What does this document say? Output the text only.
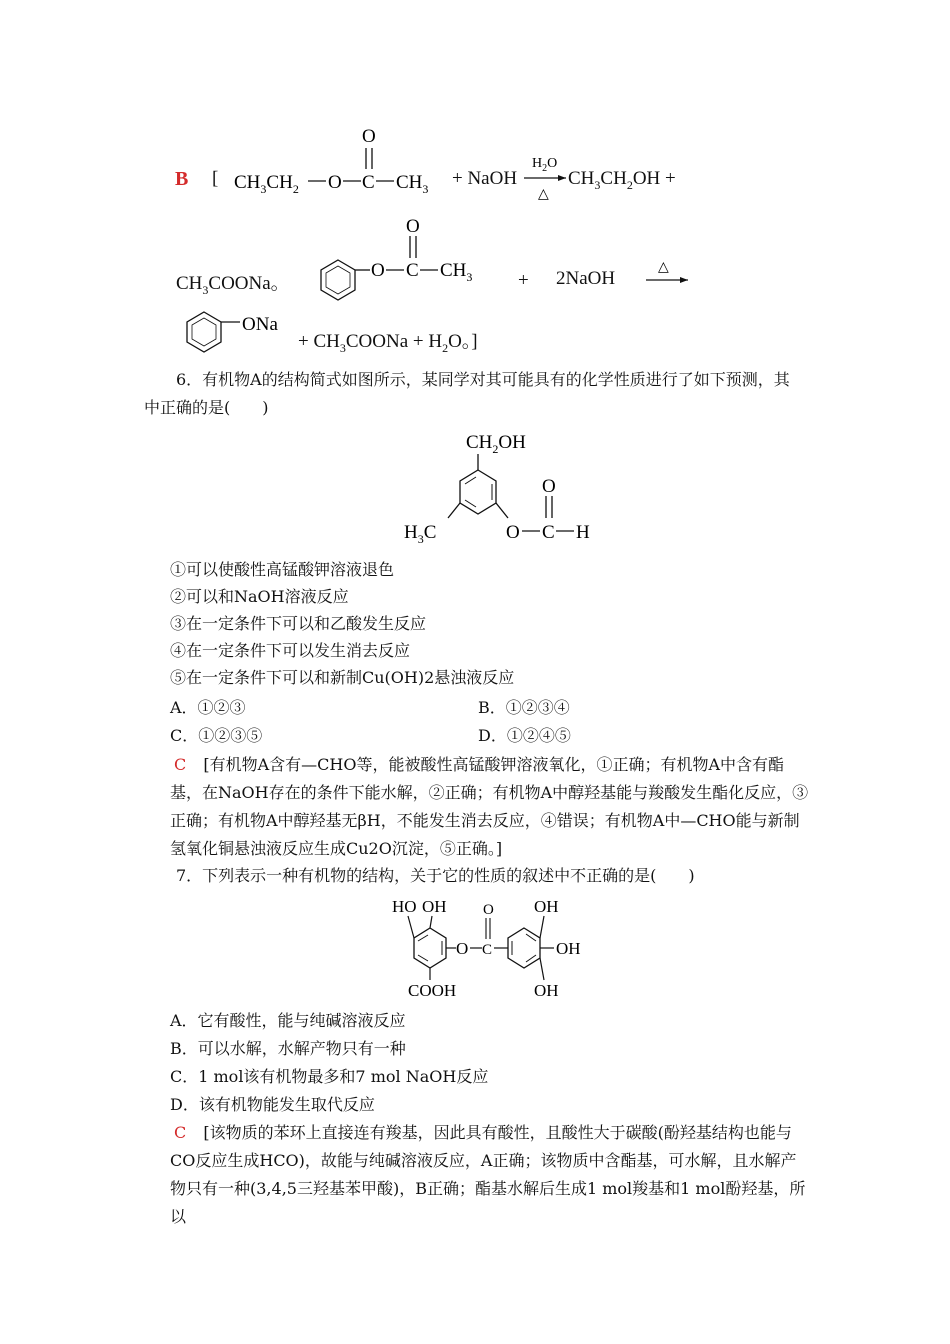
B [ $CH_3CH_2$ O C $CH_3$
O
+ NaOH
$H_2O$
△
$CH_3CH_2OH$ +
$CH_3COONa$。
O C $CH_3$
O
+ 2NaOH
△
ONa
+ $CH_3COONa + H_2O$。]
6．有机物A的结构简式如图所示，某同学对其可能具有的化学性质进行了如下预测，其
中正确的是(　　)
$CH_2OH$
$H_3C$	O C H
O
①可以使酸性高锰酸钾溶液退色
②可以和NaOH溶液反应
③在一定条件下可以和乙酸发生反应
④在一定条件下可以发生消去反应
⑤在一定条件下可以和新制Cu(OH)2悬浊液反应
A．①②③	B．①②③④
C．①②③⑤	D．①②④⑤
C [有机物A含有—CHO等，能被酸性高锰酸钾溶液氧化，①正确；有机物A中含有酯基，在NaOH存在的条件下能水解，②正确；有机物A中醇羟基能与羧酸发生酯化反应，③正确；有机物A中醇羟基无βH，不能发生消去反应，④错误；有机物A中—CHO能与新制氢氧化铜悬浊液反应生成Cu2O沉淀，⑤正确。]
7．下列表示一种有机物的结构，关于它的性质的叙述中不正确的是(　　)
HO OH
O C
O OH
OH
OH
COOH
A．它有酸性，能与纯碱溶液反应
B．可以水解，水解产物只有一种
C．1 mol该有机物最多和7 mol NaOH反应
D．该有机物能发生取代反应
C [该物质的苯环上直接连有羧基，因此具有酸性，且酸性大于碳酸(酚羟基结构也能与CO反应生成HCO)，故能与纯碱溶液反应，A正确；该物质中含酯基，可水解，且水解产物只有一种(3,4,5三羟基苯甲酸)，B正确；酯基水解后生成1 mol羧基和1 mol酚羟基，所以
